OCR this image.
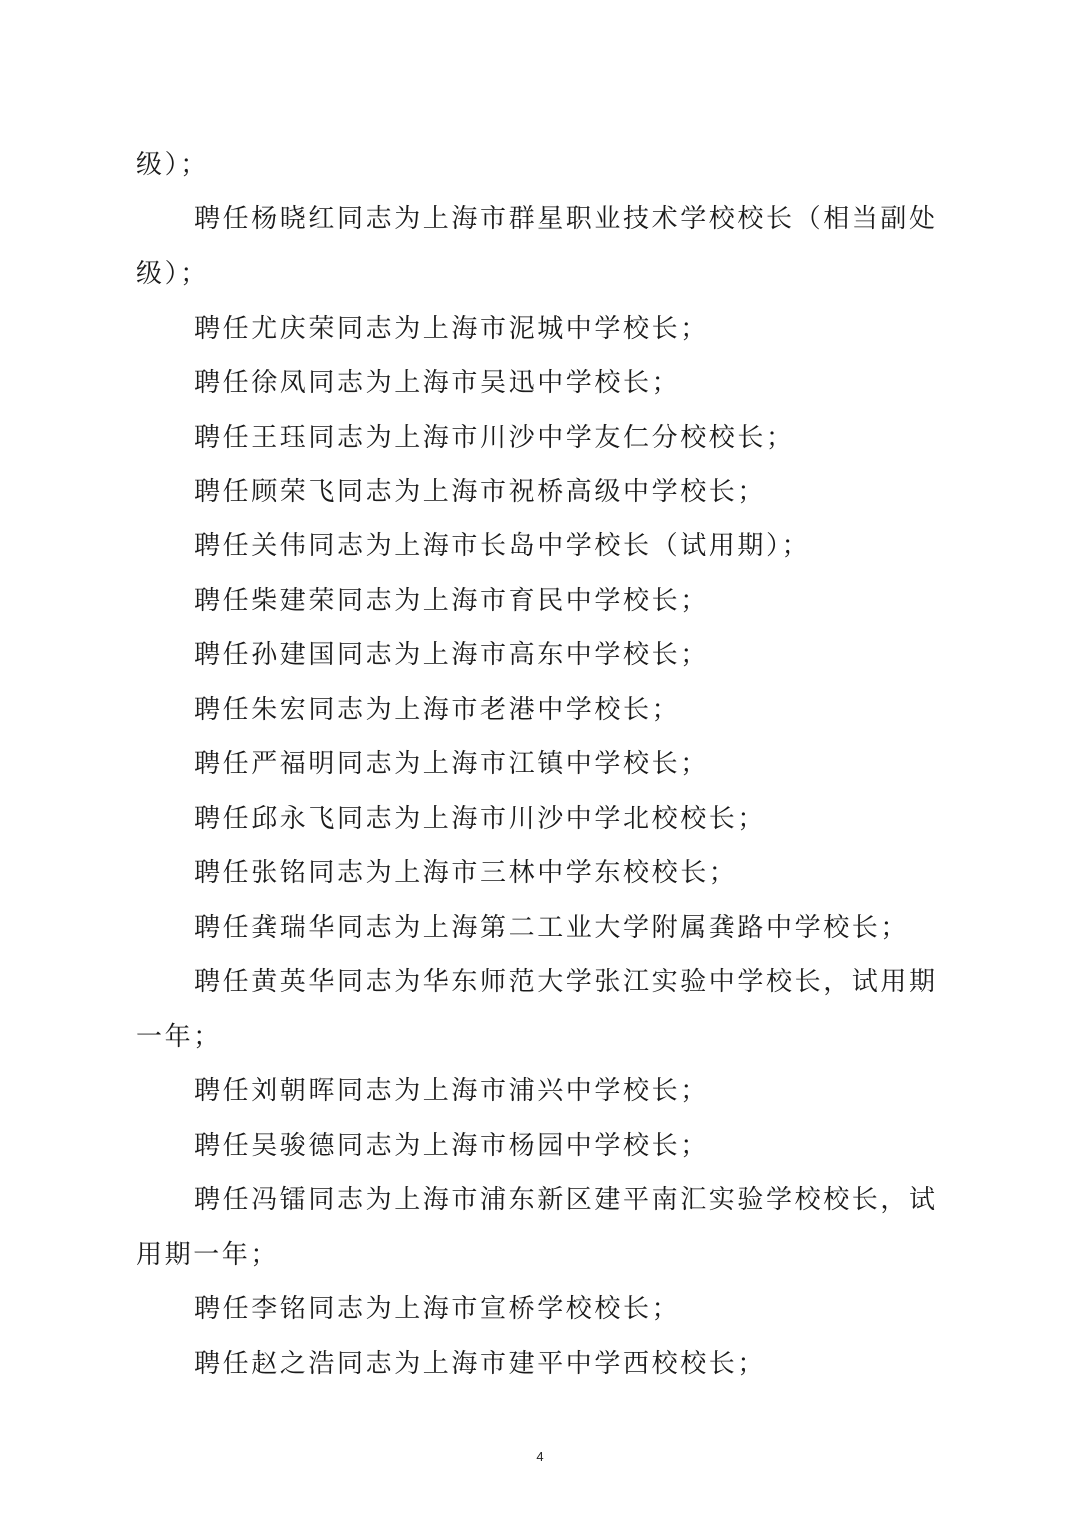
级）；
聘任杨晓红同志为上海市群星职业技术学校校长（相当副处
级）；
聘任尤庆荣同志为上海市泥城中学校长；
聘任徐凤同志为上海市吴迅中学校长；
聘任王珏同志为上海市川沙中学友仁分校校长；
聘任顾荣飞同志为上海市祝桥高级中学校长；
聘任关伟同志为上海市长岛中学校长（试用期）；
聘任柴建荣同志为上海市育民中学校长；
聘任孙建国同志为上海市高东中学校长；
聘任朱宏同志为上海市老港中学校长；
聘任严福明同志为上海市江镇中学校长；
聘任邱永飞同志为上海市川沙中学北校校长；
聘任张铭同志为上海市三林中学东校校长；
聘任龚瑞华同志为上海第二工业大学附属龚路中学校长；
聘任黄英华同志为华东师范大学张江实验中学校长，试用期
一年；
聘任刘朝晖同志为上海市浦兴中学校长；
聘任吴骏德同志为上海市杨园中学校长；
聘任冯镭同志为上海市浦东新区建平南汇实验学校校长，试
用期一年；
聘任李铭同志为上海市宣桥学校校长；
聘任赵之浩同志为上海市建平中学西校校长；
4
